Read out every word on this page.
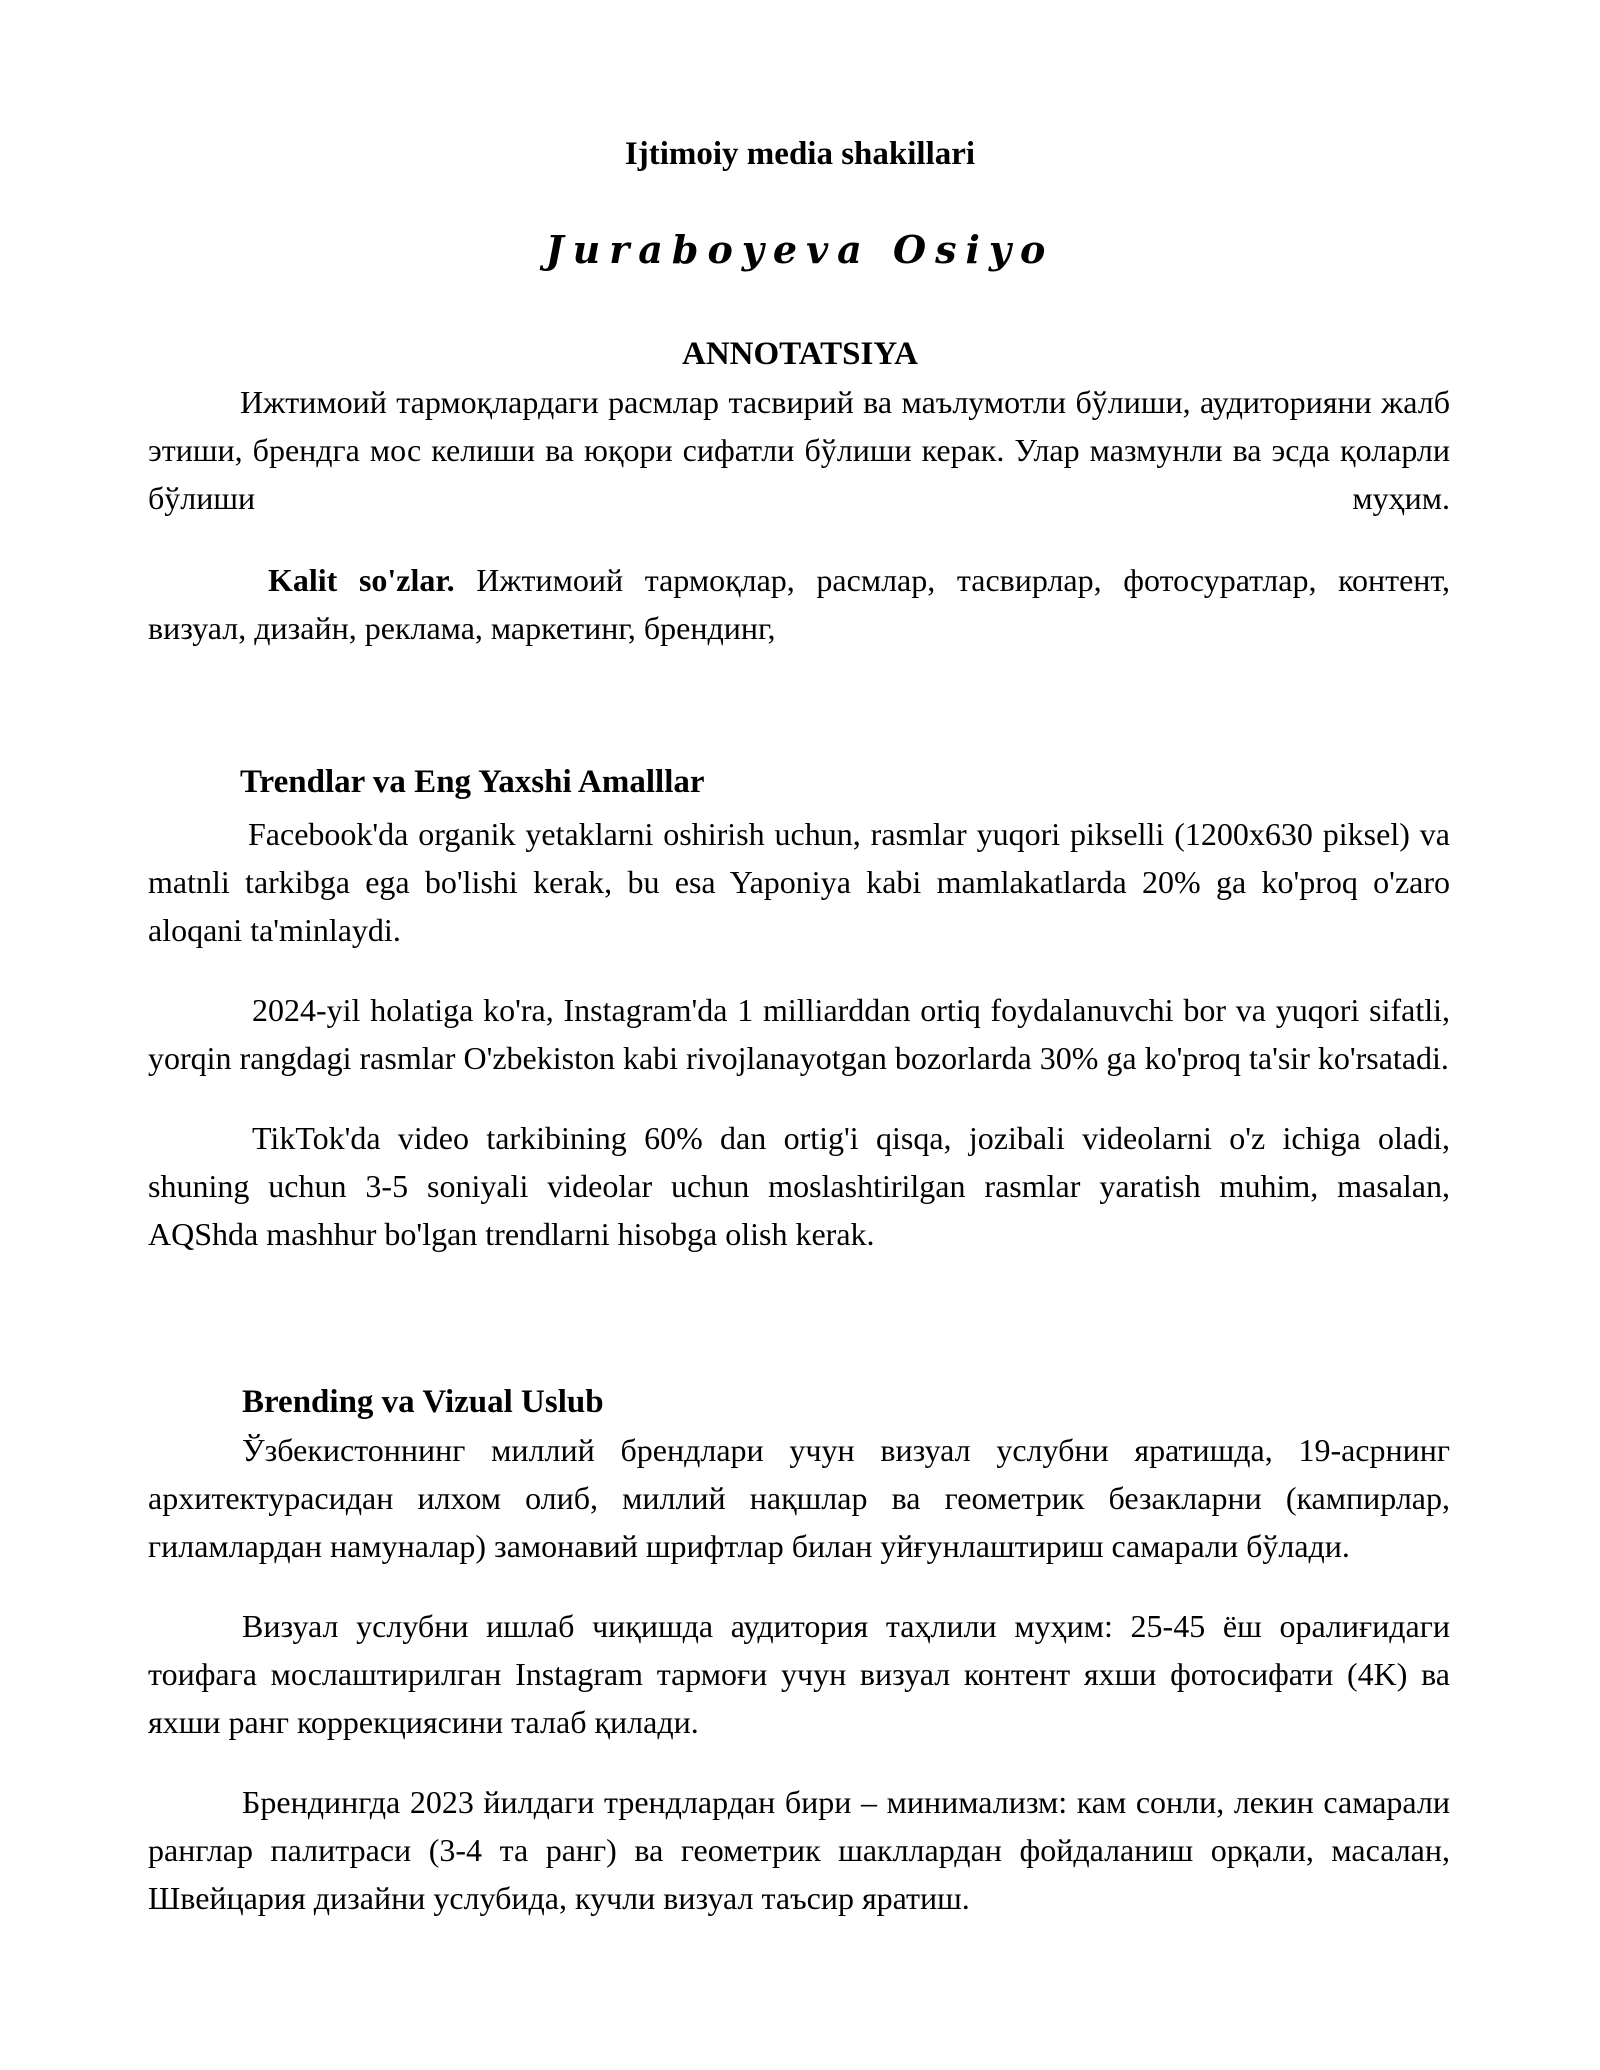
Ijtimoiy media shakillari
Juraboyeva Osiyo
ANNOTATSIYA

Ижтимоий тармоқлардаги расмлар тасвирий ва маълумотли бўлиши, аудиторияни жалб этиши, брендга мос келиши ва юқори сифатли бўлиши керак. Улар мазмунли ва эсда қоларли бўлиши муҳим.

Kalit so'zlar. Ижтимоий тармоқлар, расмлар, тасвирлар, фотосуратлар, контент, визуал, дизайн, реклама, маркетинг, брендинг,

Trendlar va Eng Yaxshi Amalllar

Facebook'da organik yetaklarni oshirish uchun, rasmlar yuqori pikselli (1200x630 piksel) va matnli tarkibga ega bo'lishi kerak, bu esa Yaponiya kabi mamlakatlarda 20% ga ko'proq o'zaro aloqani ta'minlaydi.

2024-yil holatiga ko'ra, Instagram'da 1 milliarddan ortiq foydalanuvchi bor va yuqori sifatli, yorqin rangdagi rasmlar O'zbekiston kabi rivojlanayotgan bozorlarda 30% ga ko'proq ta'sir ko'rsatadi.

TikTok'da video tarkibining 60% dan ortig'i qisqa, jozibali videolarni o'z ichiga oladi, shuning uchun 3-5 soniyali videolar uchun moslashtirilgan rasmlar yaratish muhim, masalan, AQShda mashhur bo'lgan trendlarni hisobga olish kerak.

Brending va Vizual Uslub

Ўзбекистоннинг миллий брендлари учун визуал услубни яратишда, 19-асрнинг архитектурасидан илхом олиб, миллий нақшлар ва геометрик безакларни (кампирлар, гиламлардан намуналар) замонавий шрифтлар билан уйғунлаштириш самарали бўлади.

Визуал услубни ишлаб чиқишда аудитория таҳлили муҳим: 25-45 ёш оралиғидаги тоифага мослаштирилган Instagram тармоғи учун визуал контент яхши фотосифати (4K) ва яхши ранг коррекциясини талаб қилади.

Брендингда 2023 йилдаги трендлардан бири – минимализм: кам сонли, лекин самарали ранглар палитраси (3-4 та ранг) ва геометрик шакллардан фойдаланиш орқали, масалан, Швейцария дизайни услубида, кучли визуал таъсир яратиш.
